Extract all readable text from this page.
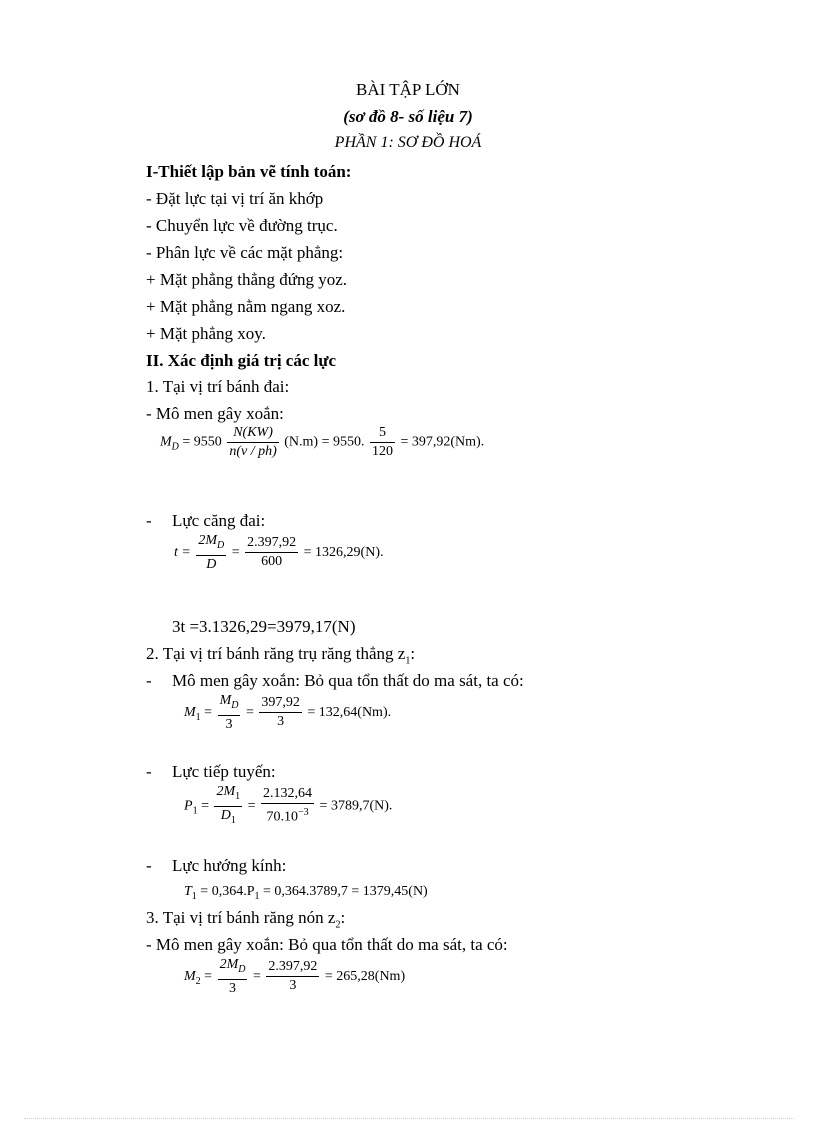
BÀI TẬP LỚN
(sơ đồ 8- số liệu 7)
PHẦN 1: SƠ ĐỒ HOÁ
I-Thiết lập bản vẽ tính toán:
- Đặt lực tại vị trí ăn khớp
- Chuyển lực về đường trục.
- Phân lực về các mặt phẳng:
+ Mặt phẳng thẳng đứng yoz.
+ Mặt phẳng nằm ngang xoz.
+ Mặt phẳng xoy.
II. Xác định giá trị các lực
1. Tại vị trí bánh đai:
- Mô men gây xoắn:
$M_D = 9550 \frac{N(KW)}{n(v / ph)} (N.m) = 9550$. $\frac{5}{120} = 397,92(Nm)$.
- Lực căng đai:
$t = \frac{2M_D}{D} = \frac{2.397,92}{600} = 1326,29(N)$.
3t =3.1326,29=3979,17(N)
2. Tại vị trí bánh răng trụ răng thẳng $z_1$:
- Mô men gây xoắn: Bỏ qua tổn thất do ma sát, ta có:
$M_1 = \frac{M_D}{3} = \frac{397,92}{3} = 132,64(Nm)$.
- Lực tiếp tuyến:
$P_1 = \frac{2M_1}{D_1} = \frac{2.132,64}{70.10^{-3}} = 3789,7(N)$.
- Lực hướng kính:
$T_1 = 0,364.P_1 = 0,364.3789,7 = 1379,45(N)$
3. Tại vị trí bánh răng nón $z_2$:
- Mô men gây xoắn: Bỏ qua tổn thất do ma sát, ta có:
$M_2 = \frac{2M_D}{3} = \frac{2.397,92}{3} = 265,28(Nm)$
